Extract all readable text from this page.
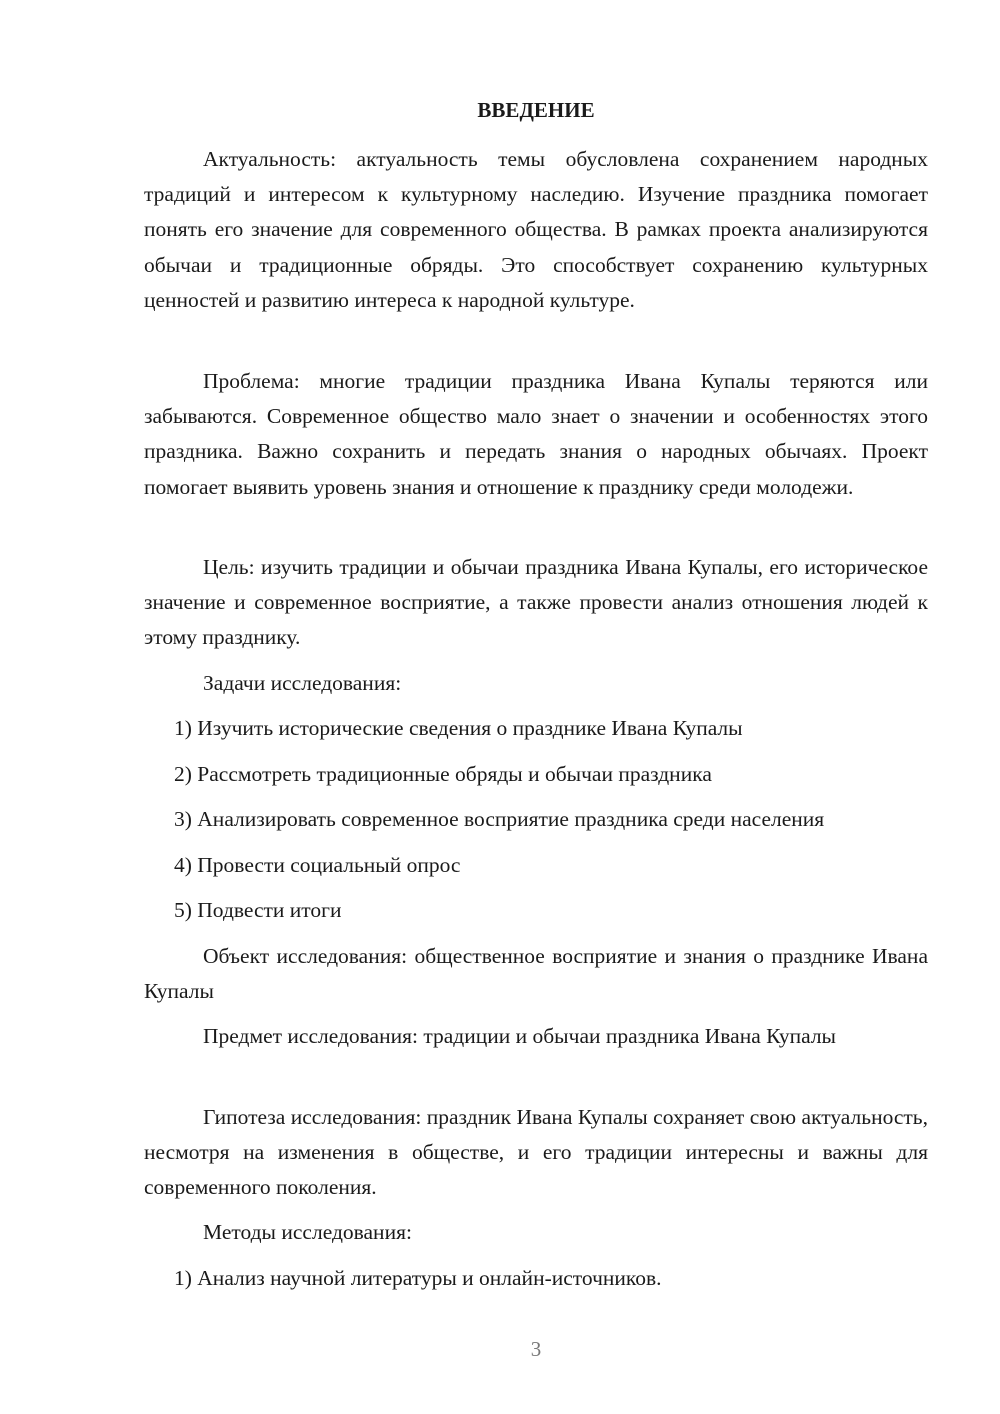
ВВЕДЕНИЕ

Актуальность: актуальность темы обусловлена сохранением народных традиций и интересом к культурному наследию. Изучение праздника помогает понять его значение для современного общества. В рамках проекта анализируются обычаи и традиционные обряды. Это способствует сохранению культурных ценностей и развитию интереса к народной культуре.

Проблема: многие традиции праздника Ивана Купалы теряются или забываются. Современное общество мало знает о значении и особенностях этого праздника. Важно сохранить и передать знания о народных обычаях. Проект помогает выявить уровень знания и отношение к празднику среди молодежи.

Цель: изучить традиции и обычаи праздника Ивана Купалы, его историческое значение и современное восприятие, а также провести анализ отношения людей к этому празднику.

Задачи исследования:

1) Изучить исторические сведения о празднике Ивана Купалы

2) Рассмотреть традиционные обряды и обычаи праздника

3) Анализировать современное восприятие праздника среди населения

4) Провести социальный опрос

5) Подвести итоги

Объект исследования: общественное восприятие и знания о празднике Ивана Купалы

Предмет исследования: традиции и обычаи праздника Ивана Купалы

Гипотеза исследования: праздник Ивана Купалы сохраняет свою актуальность, несмотря на изменения в обществе, и его традиции интересны и важны для современного поколения.

Методы исследования:

1) Анализ научной литературы и онлайн-источников.

3
